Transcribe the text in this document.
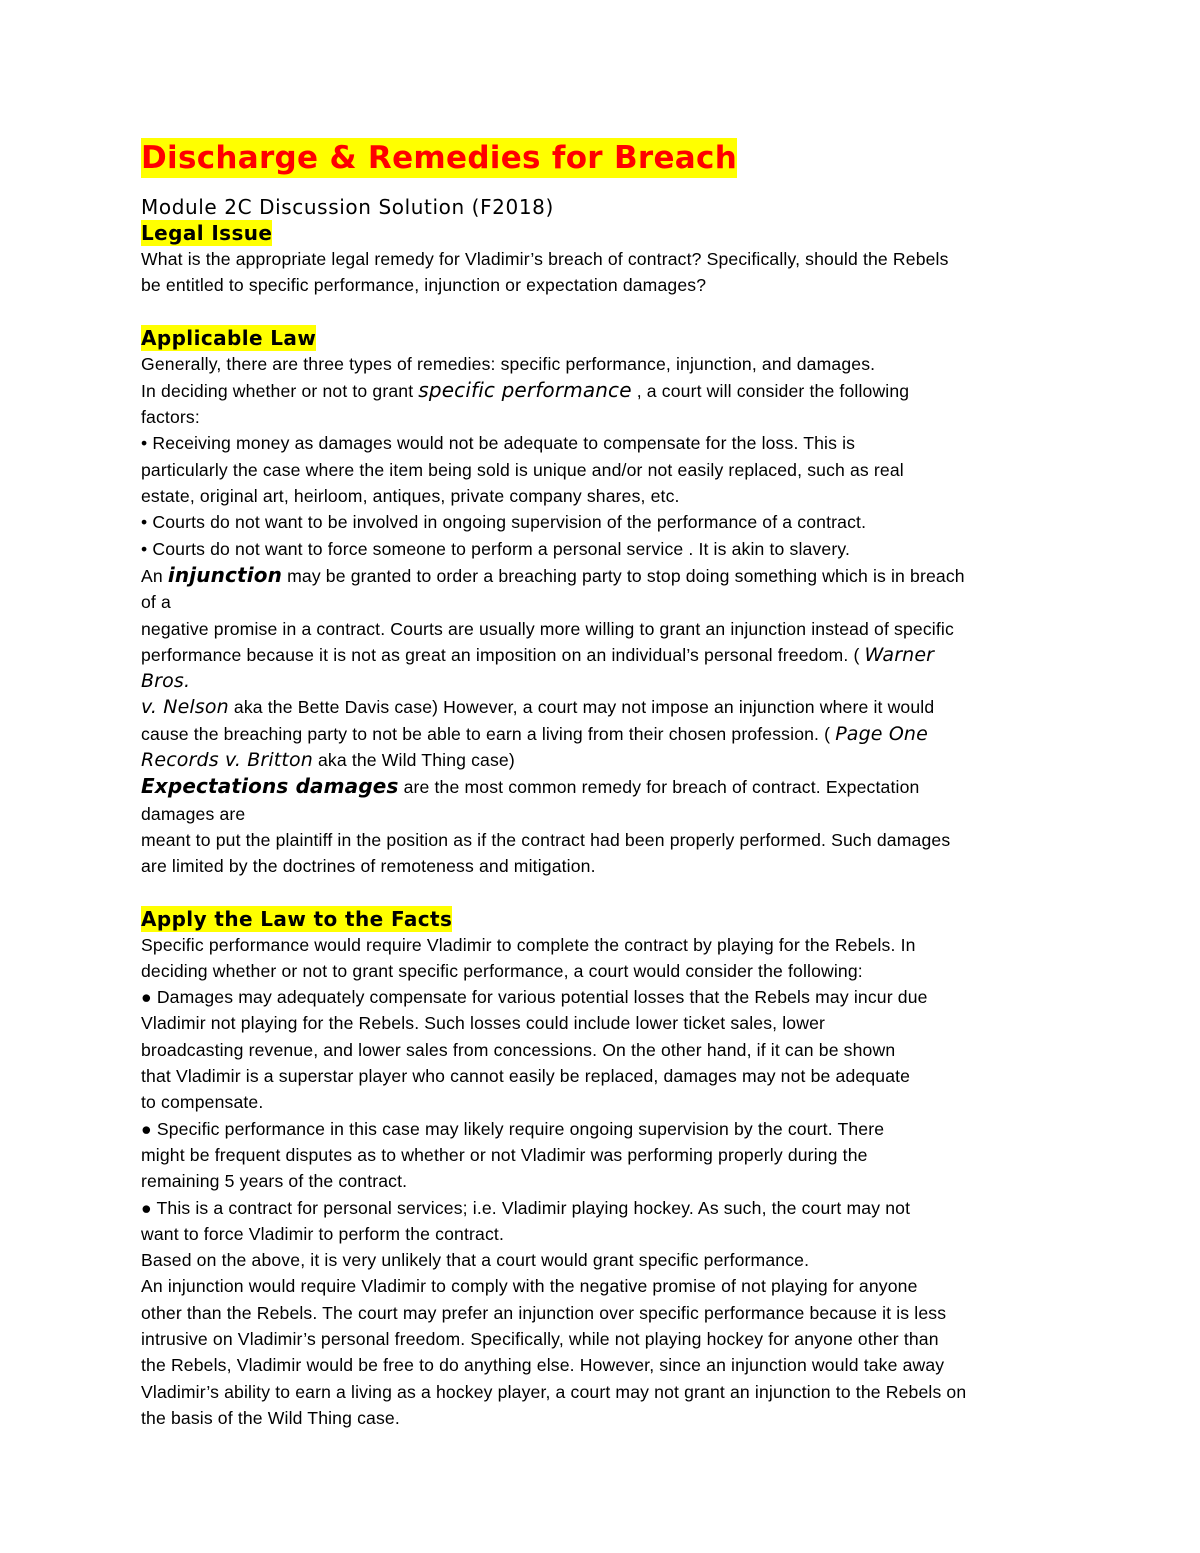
Discharge & Remedies for Breach
Module 2C Discussion Solution (F2018)
Legal Issue

What is the appropriate legal remedy for Vladimir’s breach of contract? Specifically, should the Rebels

be entitled to specific performance, injunction or expectation damages?

Applicable Law

Generally, there are three types of remedies: specific performance, injunction, and damages.

In deciding whether or not to grant specific performance , a court will consider the following

factors:

• Receiving money as damages would not be adequate to compensate for the loss. This is

particularly the case where the item being sold is unique and/or not easily replaced, such as real

estate, original art, heirloom, antiques, private company shares, etc.

• Courts do not want to be involved in ongoing supervision of the performance of a contract.

• Courts do not want to force someone to perform a personal service . It is akin to slavery.

An injunction may be granted to order a breaching party to stop doing something which is in breach

of a

negative promise in a contract. Courts are usually more willing to grant an injunction instead of specific

performance because it is not as great an imposition on an individual’s personal freedom. ( Warner

Bros.

v. Nelson aka the Bette Davis case) However, a court may not impose an injunction where it would

cause the breaching party to not be able to earn a living from their chosen profession. ( Page One

Records v. Britton aka the Wild Thing case)

Expectations damages are the most common remedy for breach of contract. Expectation

damages are

meant to put the plaintiff in the position as if the contract had been properly performed. Such damages

are limited by the doctrines of remoteness and mitigation.

Apply the Law to the Facts

Specific performance would require Vladimir to complete the contract by playing for the Rebels. In

deciding whether or not to grant specific performance, a court would consider the following:

● Damages may adequately compensate for various potential losses that the Rebels may incur due

Vladimir not playing for the Rebels. Such losses could include lower ticket sales, lower

broadcasting revenue, and lower sales from concessions. On the other hand, if it can be shown

that Vladimir is a superstar player who cannot easily be replaced, damages may not be adequate

to compensate.

● Specific performance in this case may likely require ongoing supervision by the court. There

might be frequent disputes as to whether or not Vladimir was performing properly during the

remaining 5 years of the contract.

● This is a contract for personal services; i.e. Vladimir playing hockey. As such, the court may not

want to force Vladimir to perform the contract.

Based on the above, it is very unlikely that a court would grant specific performance.

An injunction would require Vladimir to comply with the negative promise of not playing for anyone

other than the Rebels. The court may prefer an injunction over specific performance because it is less

intrusive on Vladimir’s personal freedom. Specifically, while not playing hockey for anyone other than

the Rebels, Vladimir would be free to do anything else. However, since an injunction would take away

Vladimir’s ability to earn a living as a hockey player, a court may not grant an injunction to the Rebels on

the basis of the Wild Thing case.
